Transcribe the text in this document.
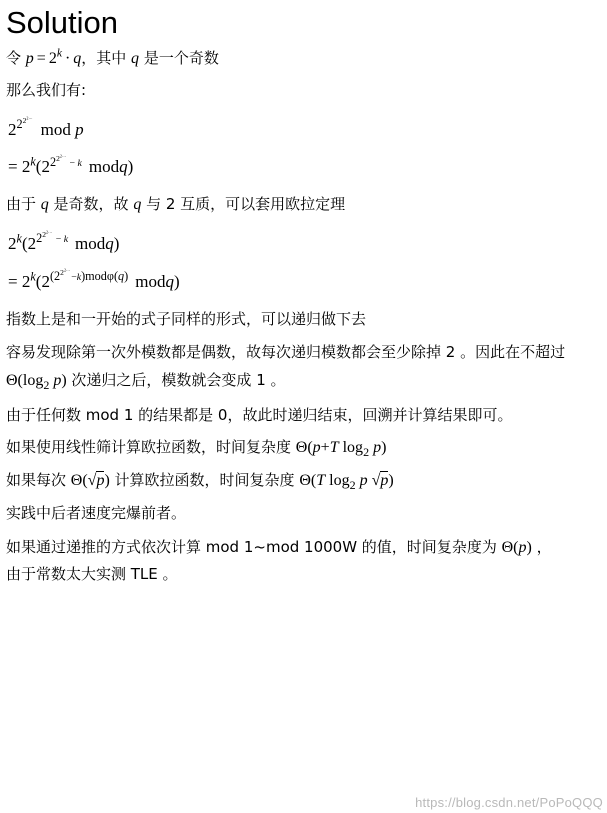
Solution
令 $p = 2^k \cdot q$，其中 q 是一个奇数
那么我们有:
$2^{2^{2^{2\cdots}}}mod$ p
= $2^k(2^{2^{2^{2\cdots}} - k}$ modq)
由于 q 是奇数，故 q 与 2 互质，可以套用欧拉定理
$2^k(2^{2^{2^{2\cdots}} - k}$ modq)
= $2^k(2^{(2^{2^{2\cdots}}-k)mod\varphi(q)}$ modq)
指数上是和一开始的式子同样的形式，可以递归做下去
容易发现除第一次外模数都是偶数，故每次递归模数都会至少除掉 2 。因此在不超过 $\Theta(\log_2$ p) 次递归之后，模数就会变成 1 。
由于任何数 mod 1 的结果都是 0，故此时递归结束，回溯并计算结果即可。
如果使用线性筛计算欧拉函数，时间复杂度 Θ(p+T $\log_2 p$)
如果每次 Θ(√p) 计算欧拉函数，时间复杂度 Θ(T $\log_2 p$ √p)
实践中后者速度完爆前者。
如果通过递推的方式依次计算 mod 1~mod 1000W 的值，时间复杂度为 Θ(p) ，由于常数太大实测 TLE 。
https://blog.csdn.net/PoPoQQQ
